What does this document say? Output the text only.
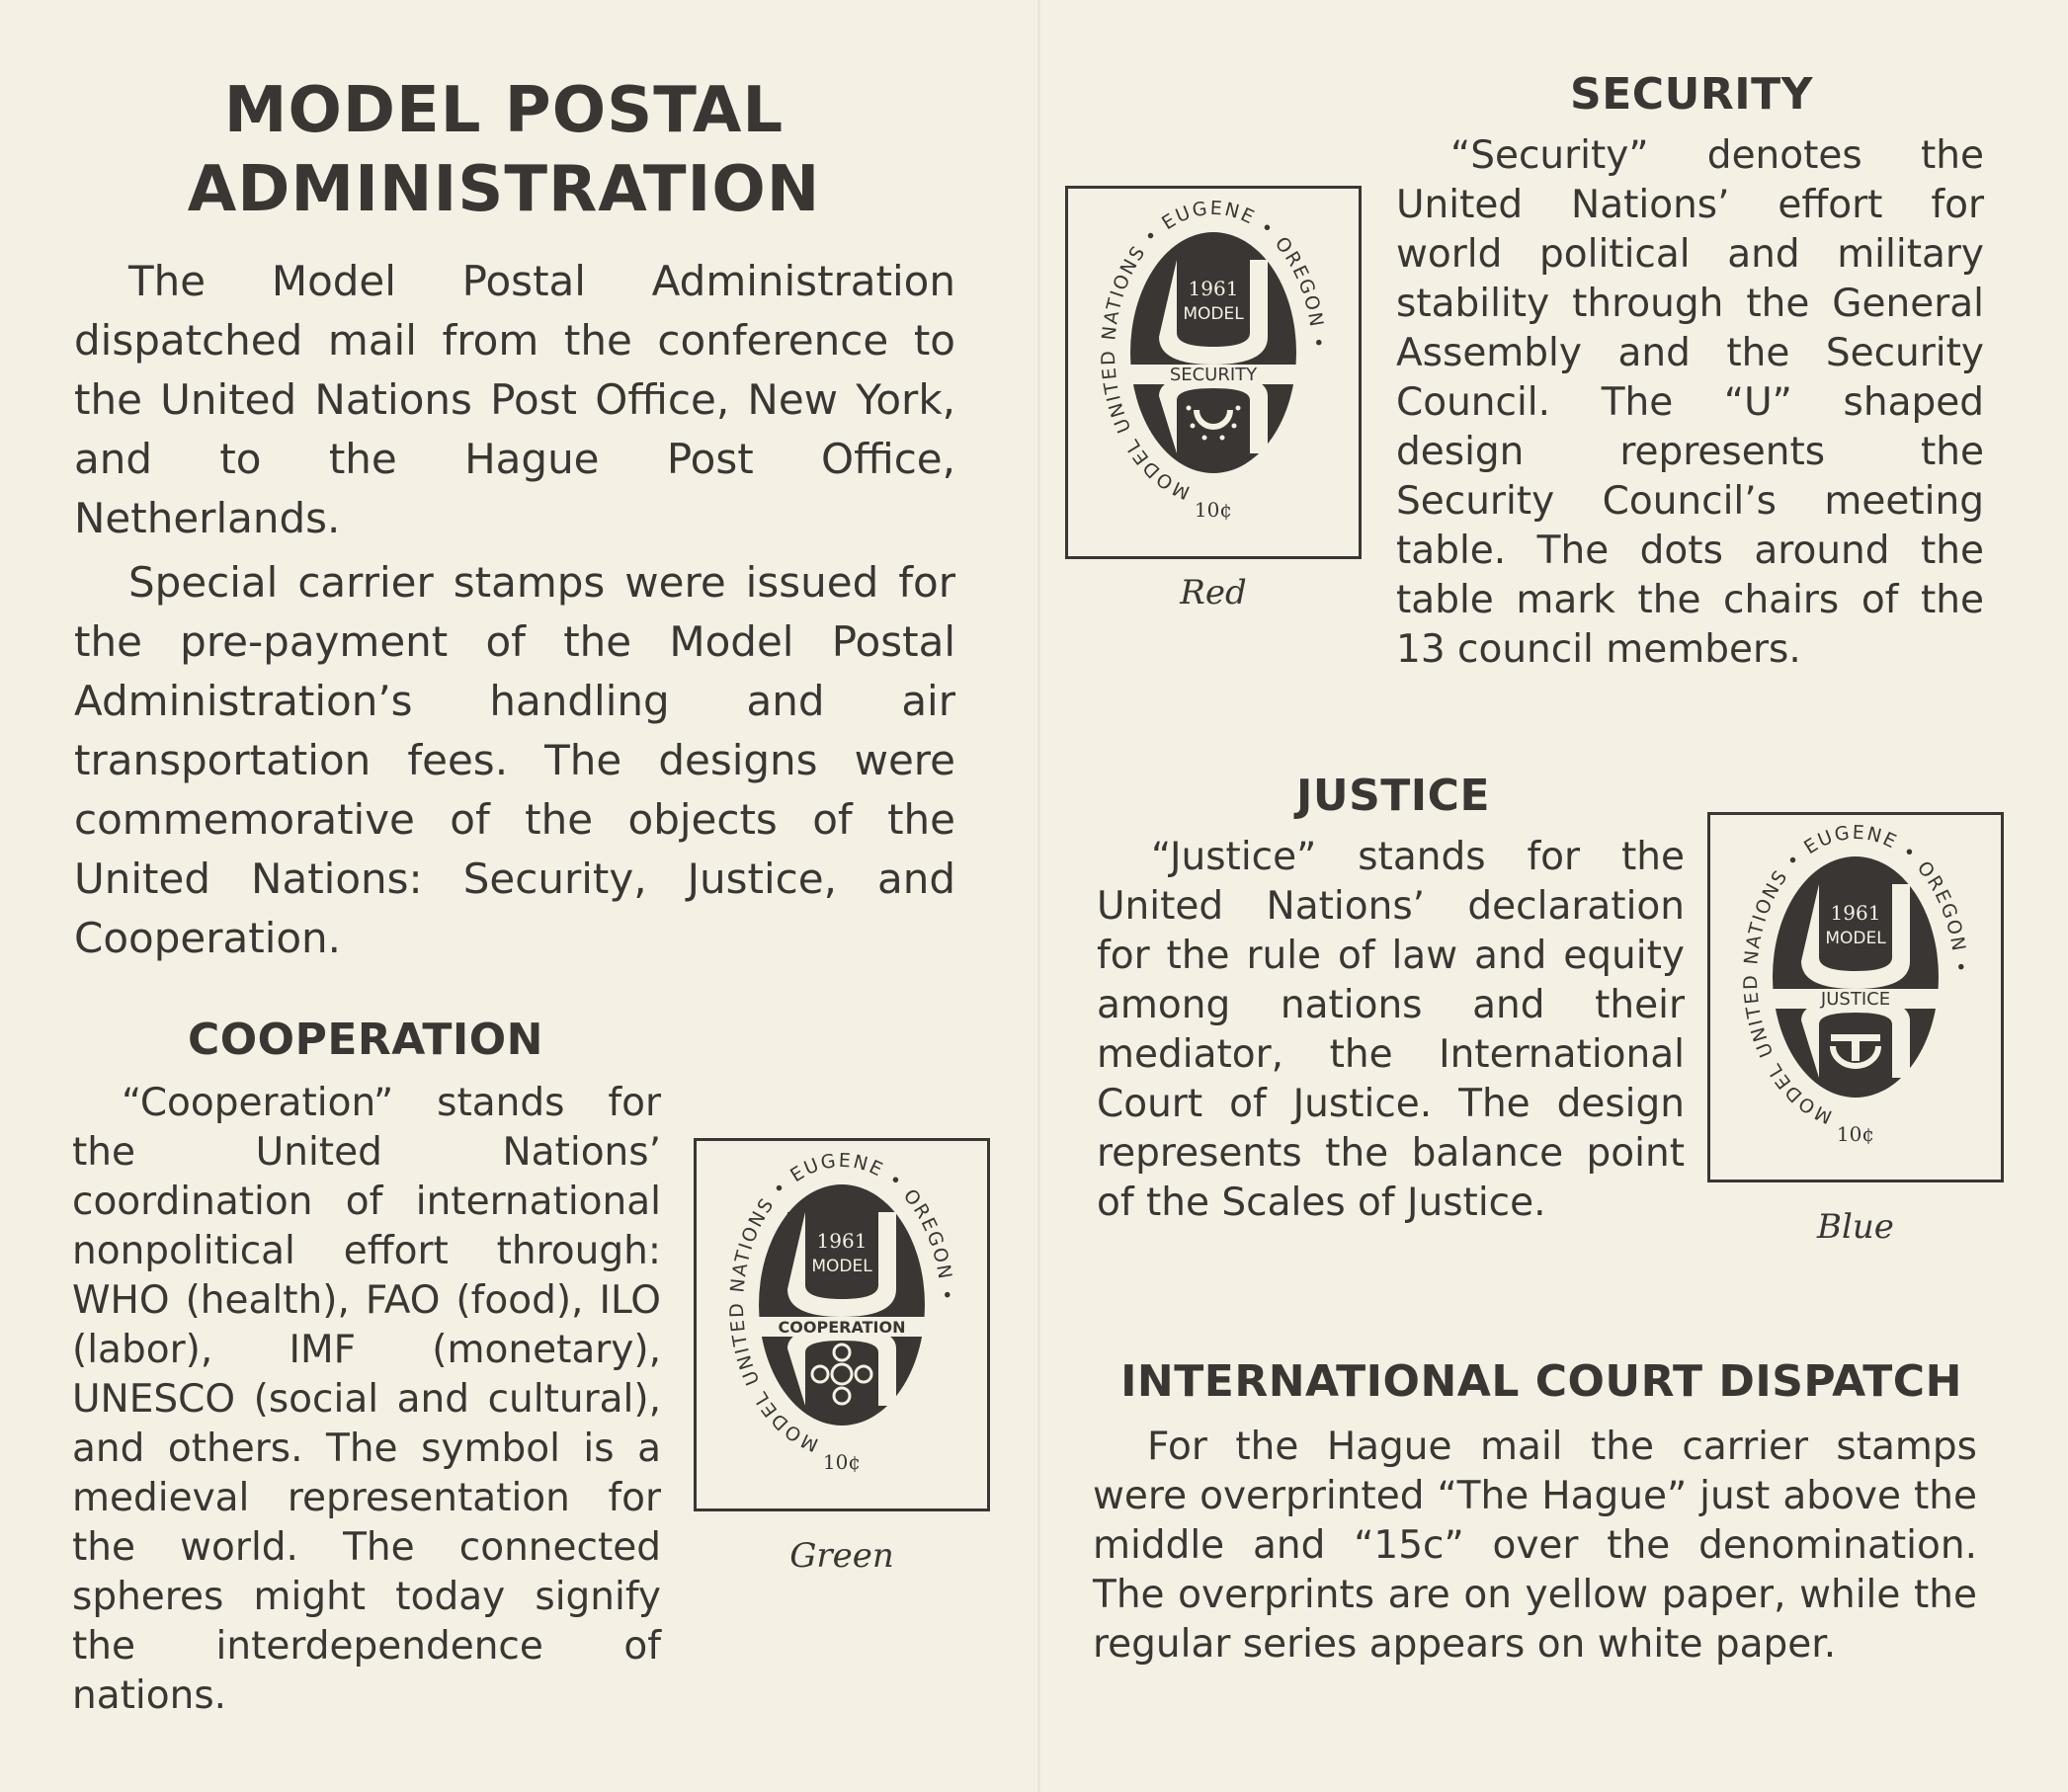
MODEL POSTAL
ADMINISTRATION

The Model Postal Administration dispatched mail from the conference to the United Nations Post Office, New York, and to the Hague Post Office, Netherlands.

Special carrier stamps were issued for the pre-payment of the Model Postal Administration’s handling and air transportation fees. The designs were commemorative of the objects of the United Nations: Security, Justice, and Cooperation.

COOPERATION

“Cooperation” stands for the United Nations’ coordination of international nonpolitical effort through: WHO (health), FAO (food), ILO (labor), IMF (monetary), UNESCO (social and cultural), and others. The symbol is a medieval representation for the world. The connected spheres might today signify the interdependence of nations.

1961
MODEL
COOPERATION
MODEL UNITED NATIONS • EUGENE • OREGON •
10¢
Green
SECURITY

“Security” denotes the United Nations’ effort for world political and military stability through the General Assembly and the Security Council. The “U” shaped design represents the Security Council’s meeting table. The dots around the table mark the chairs of the 13 council members.

1961
MODEL
SECURITY
MODEL UNITED NATIONS • EUGENE • OREGON •
10¢
Red
JUSTICE

“Justice” stands for the United Nations’ declaration for the rule of law and equity among nations and their mediator, the International Court of Justice. The design represents the balance point of the Scales of Justice.

1961
MODEL
JUSTICE
MODEL UNITED NATIONS • EUGENE • OREGON •
10¢
Blue
INTERNATIONAL COURT DISPATCH

For the Hague mail the carrier stamps were overprinted “The Hague” just above the middle and “15c” over the denomination. The overprints are on yellow paper, while the regular series appears on white paper.
